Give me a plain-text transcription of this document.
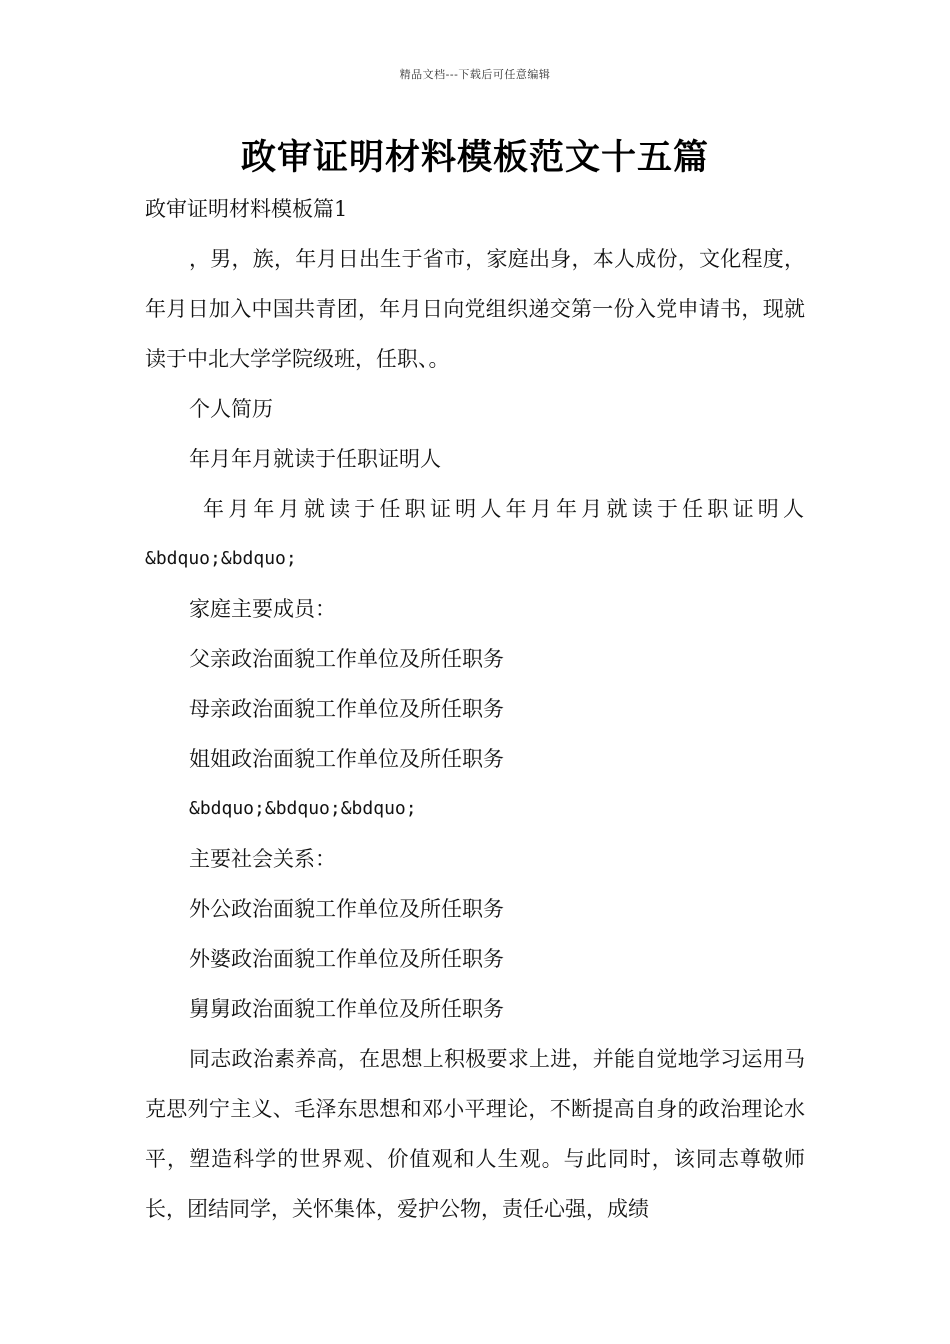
精品文档---下载后可任意编辑
政审证明材料模板范文十五篇

政审证明材料模板篇1

，男，族，年月日出生于省市，家庭出身，本人成份，文化程度，年月日加入中国共青团，年月日向党组织递交第一份入党申请书，现就读于中北大学学院级班，任职、。

个人简历

年月年月就读于任职证明人

年月年月就读于任职证明人年月年月就读于任职证明人

&bdquo;&bdquo;

家庭主要成员：

父亲政治面貌工作单位及所任职务

母亲政治面貌工作单位及所任职务

姐姐政治面貌工作单位及所任职务

&bdquo;&bdquo;&bdquo;

主要社会关系：

外公政治面貌工作单位及所任职务

外婆政治面貌工作单位及所任职务

舅舅政治面貌工作单位及所任职务

同志政治素养高，在思想上积极要求上进，并能自觉地学习运用马克思列宁主义、毛泽东思想和邓小平理论，不断提高自身的政治理论水平，塑造科学的世界观、价值观和人生观。与此同时，该同志尊敬师长，团结同学，关怀集体，爱护公物，责任心强，成绩
